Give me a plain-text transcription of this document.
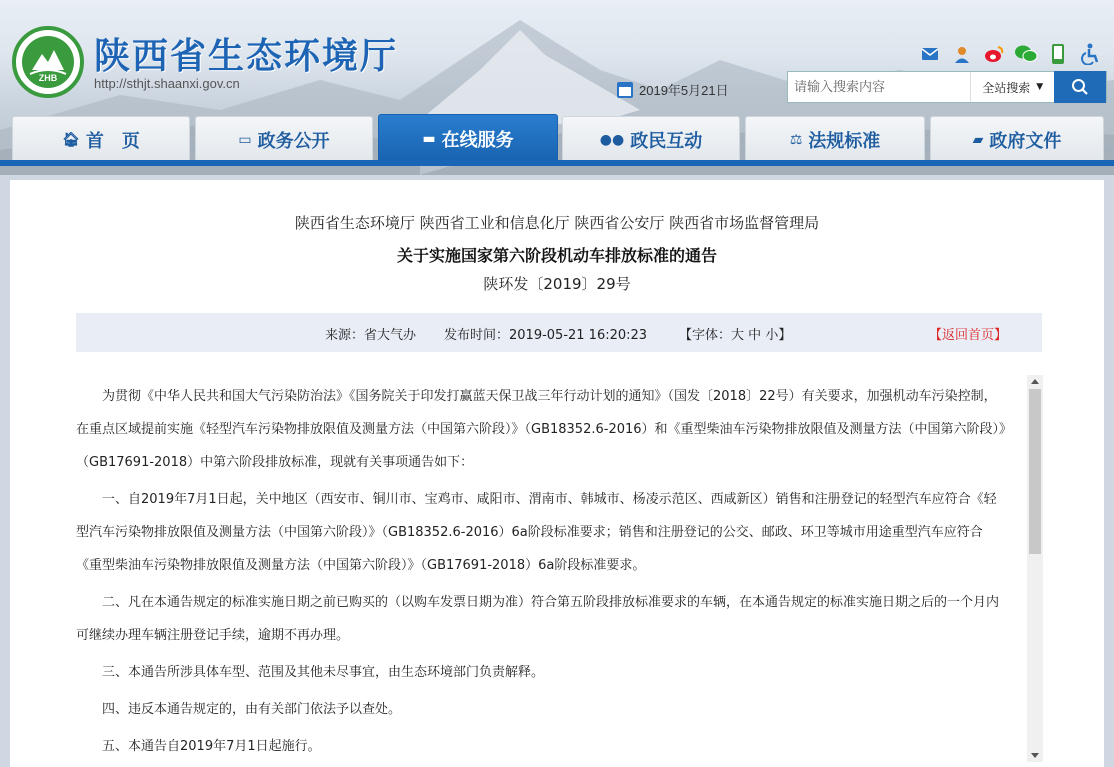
ZHB
陕西省生态环境厅
http://sthjt.shaanxi.gov.cn	2019年5月21日
请输入搜索内容	全站搜索 ▼
🏠︎ 首　页	▭ 政务公开	▬ 在线服务	●● 政民互动	⚖ 法规标准	▰ 政府文件
陕西省生态环境厅 陕西省工业和信息化厅 陕西省公安厅 陕西省市场监督管理局
关于实施国家第六阶段机动车排放标准的通告
陕环发〔2019〕29号
来源：省大气办 发布时间：2019-05-21 16:20:23 【字体：大 中 小】	【返回首页】

为贯彻《中华人民共和国大气污染防治法》《国务院关于印发打赢蓝天保卫战三年行动计划的通知》（国发〔2018〕22号）有关要求，加强机动车污染控制，在重点区域提前实施《轻型汽车污染物排放限值及测量方法（中国第六阶段）》（GB18352.6-2016）和《重型柴油车污染物排放限值及测量方法（中国第六阶段）》（GB17691-2018）中第六阶段排放标准，现就有关事项通告如下：

一、自2019年7月1日起，关中地区（西安市、铜川市、宝鸡市、咸阳市、渭南市、韩城市、杨凌示范区、西咸新区）销售和注册登记的轻型汽车应符合《轻型汽车污染物排放限值及测量方法（中国第六阶段）》（GB18352.6-2016）6a阶段标准要求；销售和注册登记的公交、邮政、环卫等城市用途重型汽车应符合《重型柴油车污染物排放限值及测量方法（中国第六阶段）》（GB17691-2018）6a阶段标准要求。

二、凡在本通告规定的标准实施日期之前已购买的（以购车发票日期为准）符合第五阶段排放标准要求的车辆，在本通告规定的标准实施日期之后的一个月内可继续办理车辆注册登记手续，逾期不再办理。

三、本通告所涉具体车型、范围及其他未尽事宜，由生态环境部门负责解释。

四、违反本通告规定的，由有关部门依法予以查处。

五、本通告自2019年7月1日起施行。
